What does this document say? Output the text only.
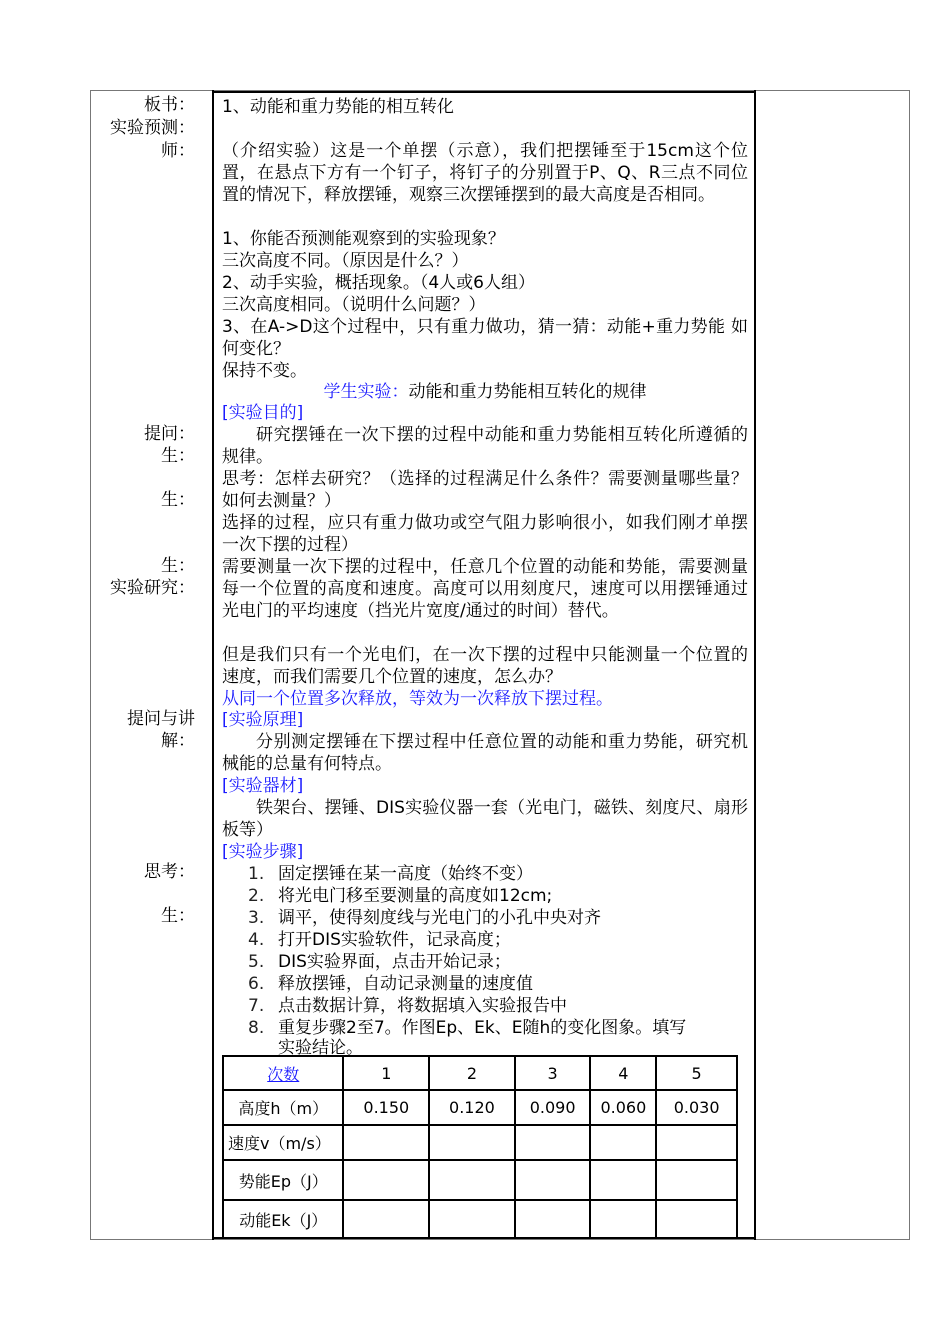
板书：
实验预测：
师：
提问：
生：
生：
生：
实验研究：
提问与讲
解：
思考：
生：
1、动能和重力势能的相互转化
（介绍实验）这是一个单摆（示意），我们把摆锤至于15cm这个位置，在悬点下方有一个钉子，将钉子的分别置于P、Q、R三点不同位置的情况下，释放摆锤，观察三次摆锤摆到的最大高度是否相同。
1、你能否预测能观察到的实验现象？
三次高度不同。（原因是什么？）
2、动手实验，概括现象。（4人或6人组）
三次高度相同。（说明什么问题？）
3、在A->D这个过程中，只有重力做功，猜一猜：动能+重力势能 如何变化？
保持不变。
学生实验：动能和重力势能相互转化的规律
[实验目的]
研究摆锤在一次下摆的过程中动能和重力势能相互转化所遵循的规律。
思考：怎样去研究？（选择的过程满足什么条件？需要测量哪些量？如何去测量？）
选择的过程，应只有重力做功或空气阻力影响很小，如我们刚才单摆一次下摆的过程）
需要测量一次下摆的过程中，任意几个位置的动能和势能，需要测量每一个位置的高度和速度。高度可以用刻度尺，速度可以用摆锤通过光电门的平均速度（挡光片宽度/通过的时间）替代。
但是我们只有一个光电们，在一次下摆的过程中只能测量一个位置的速度，而我们需要几个位置的速度，怎么办？
从同一个位置多次释放，等效为一次释放下摆过程。
[实验原理]
分别测定摆锤在下摆过程中任意位置的动能和重力势能，研究机械能的总量有何特点。
[实验器材]
铁架台、摆锤、DIS实验仪器一套（光电门，磁铁、刻度尺、扇形板等）
[实验步骤]
1. 固定摆锤在某一高度（始终不变）
2. 将光电门移至要测量的高度如12cm;
3. 调平，使得刻度线与光电门的小孔中央对齐
4. 打开DIS实验软件，记录高度；
5. DIS实验界面，点击开始记录；
6. 释放摆锤，自动记录测量的速度值
7. 点击数据计算，将数据填入实验报告中
8. 重复步骤2至7。作图Ep、Ek、E随h的变化图象。填写
实验结论。
次数	1	2	3	4	5
高度h（m）	0.150	0.120	0.090	0.060	0.030
速度v（m/s）					
势能Ep（J）					
动能Ek（J）					
